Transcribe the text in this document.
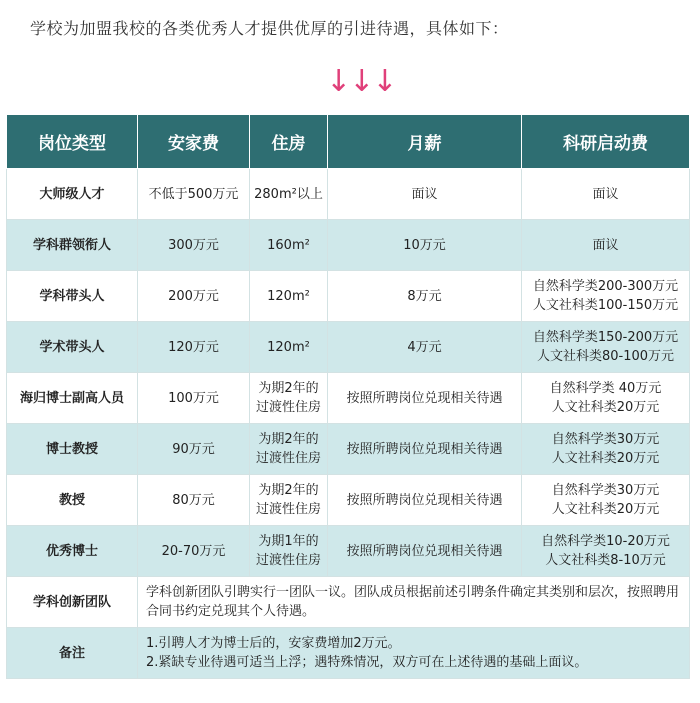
学校为加盟我校的各类优秀人才提供优厚的引进待遇，具体如下：
↓↓↓
岗位类型	安家费	住房	月薪	科研启动费
大师级人才	不低于500万元	280m²以上	面议	面议
学科群领衔人	300万元	160m²	10万元	面议
学科带头人	200万元	120m²	8万元	自然科学类200-300万元
人文社科类100-150万元

学术带头人	120万元	120m²	4万元	自然科学类150-200万元
人文社科类80-100万元

海归博士副高人员	100万元	为期2年的
过渡性住房	按照所聘岗位兑现相关待遇	自然科学类 40万元
人文社科类20万元

博士教授	90万元	为期2年的
过渡性住房	按照所聘岗位兑现相关待遇	自然科学类30万元
人文社科类20万元

教授	80万元	为期2年的
过渡性住房	按照所聘岗位兑现相关待遇	自然科学类30万元
人文社科类20万元

优秀博士	20-70万元	为期1年的
过渡性住房	按照所聘岗位兑现相关待遇	自然科学类10-20万元
人文社科类8-10万元

学科创新团队	学科创新团队引聘实行一团队一议。团队成员根据前述引聘条件确定其类别和层次，按照聘用合同书约定兑现其个人待遇。			
备注	1.引聘人才为博士后的，安家费增加2万元。
2.紧缺专业待遇可适当上浮；遇特殊情况，双方可在上述待遇的基础上面议。			
